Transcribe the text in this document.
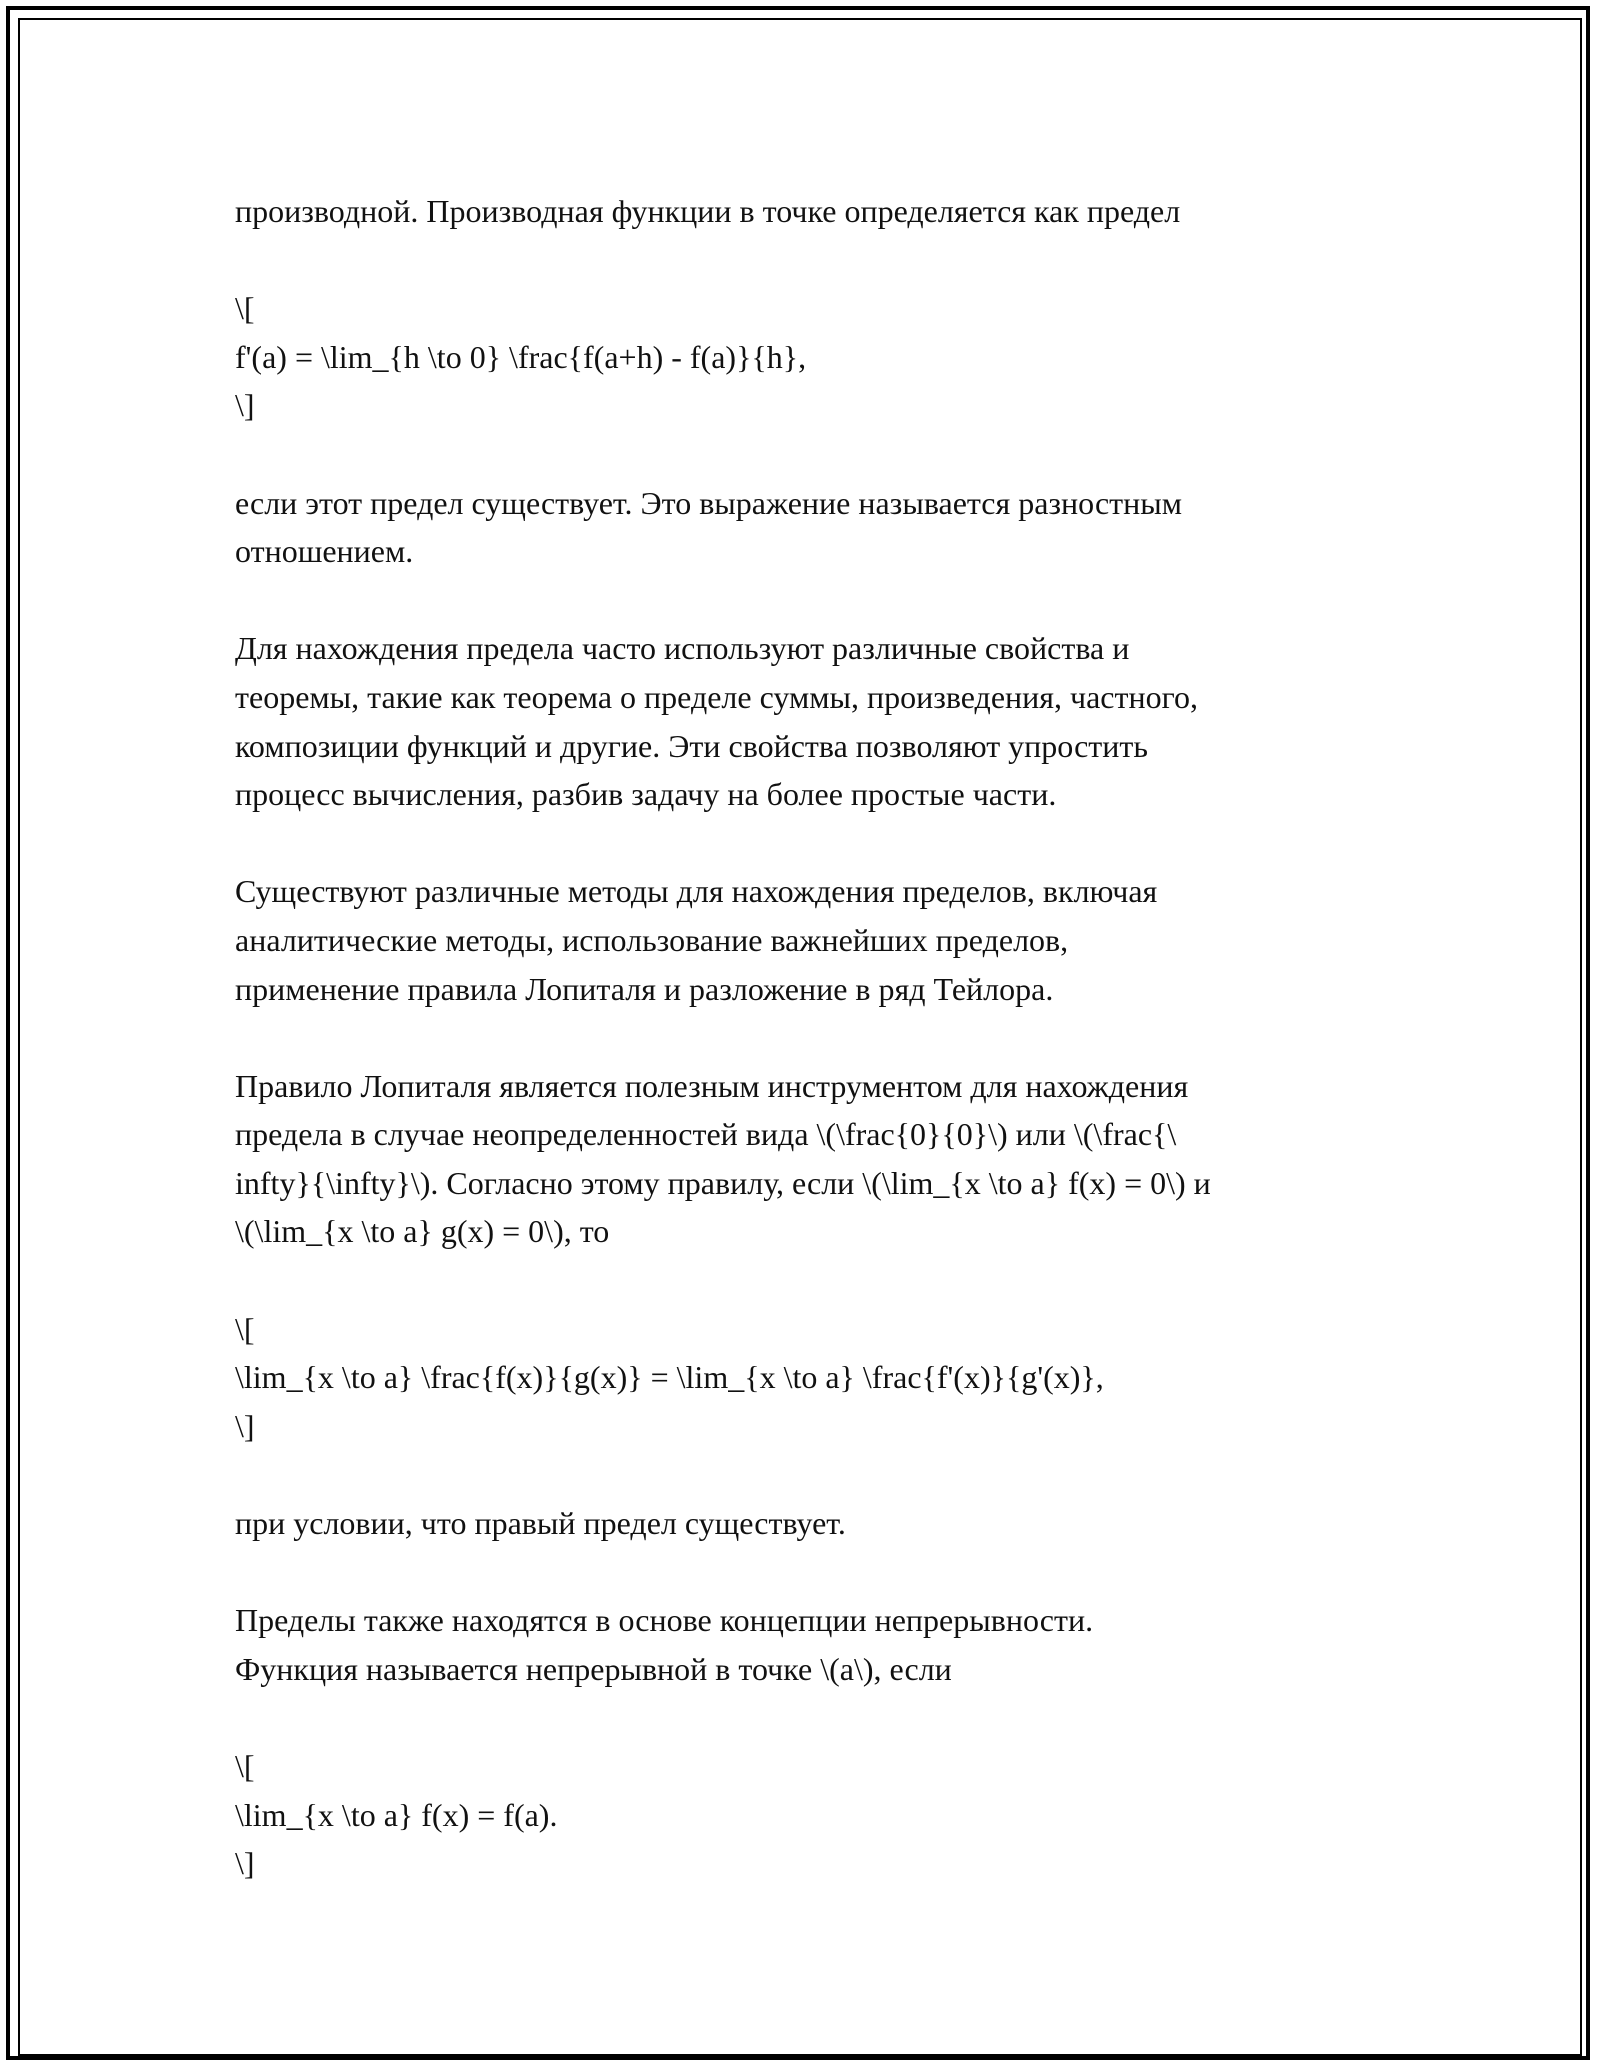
производной. Производная функции в точке определяется как предел
\[
f'(a) = \lim_{h \to 0} \frac{f(a+h) - f(a)}{h},
\]
если этот предел существует. Это выражение называется разностным
отношением.
Для нахождения предела часто используют различные свойства и
теоремы, такие как теорема о пределе суммы, произведения, частного,
композиции функций и другие. Эти свойства позволяют упростить
процесс вычисления, разбив задачу на более простые части.
Существуют различные методы для нахождения пределов, включая
аналитические методы, использование важнейших пределов,
применение правила Лопиталя и разложение в ряд Тейлора.
Правило Лопиталя является полезным инструментом для нахождения
предела в случае неопределенностей вида \(\frac{0}{0}\) или \(\frac{\
infty}{\infty}\). Согласно этому правилу, если \(\lim_{x \to a} f(x) = 0\) и
\(\lim_{x \to a} g(x) = 0\), то
\[
\lim_{x \to a} \frac{f(x)}{g(x)} = \lim_{x \to a} \frac{f'(x)}{g'(x)},
\]
при условии, что правый предел существует.
Пределы также находятся в основе концепции непрерывности.
Функция называется непрерывной в точке \(a\), если
\[
\lim_{x \to a} f(x) = f(a).
\]
